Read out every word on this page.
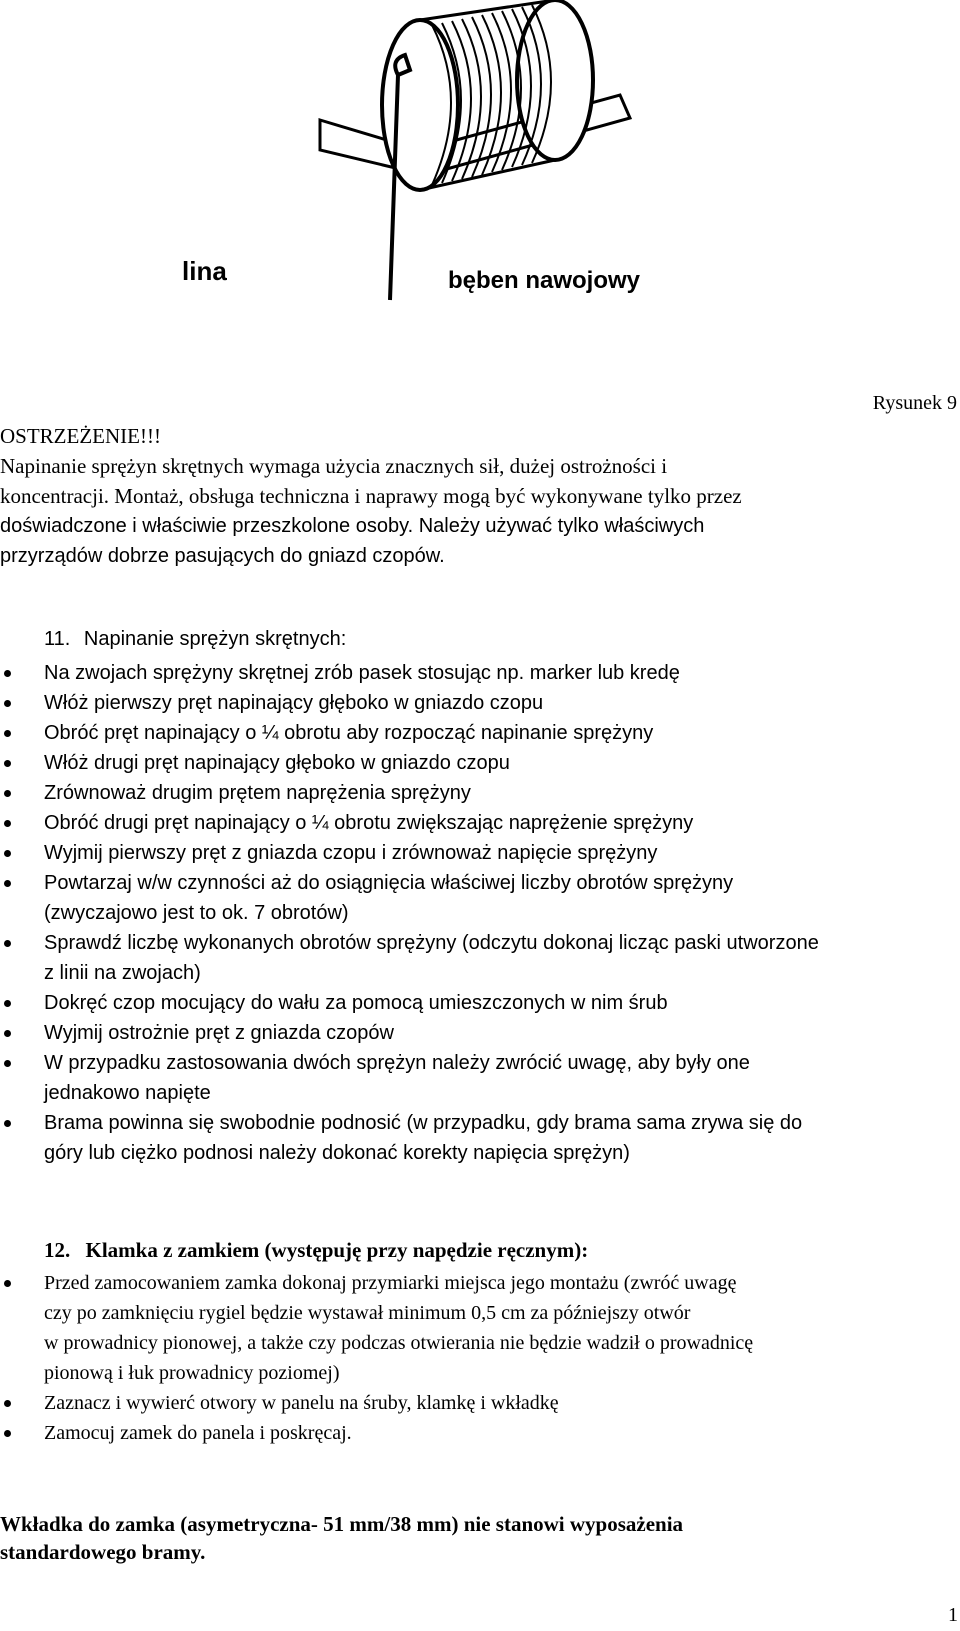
lina	bęben nawojowy
Rysunek 9
OSTRZEŻENIE!!!
Napinanie sprężyn skrętnych wymaga użycia znacznych sił, dużej ostrożności i
koncentracji. Montaż, obsługa techniczna i naprawy mogą być wykonywane tylko przez
doświadczone i właściwie przeszkolone osoby. Należy używać tylko właściwych
przyrządów dobrze pasujących do gniazd czopów.
11. Napinanie sprężyn skrętnych:
Na zwojach sprężyny skrętnej zrób pasek stosując np. marker lub kredę
Włóż pierwszy pręt napinający głęboko w gniazdo czopu
Obróć pręt napinający o ¼ obrotu aby rozpocząć napinanie sprężyny
Włóż drugi pręt napinający głęboko w gniazdo czopu
Zrównoważ drugim prętem naprężenia sprężyny
Obróć drugi pręt napinający o ¼ obrotu zwiększając naprężenie sprężyny
Wyjmij pierwszy pręt z gniazda czopu i zrównoważ napięcie sprężyny
Powtarzaj w/w czynności aż do osiągnięcia właściwej liczby obrotów sprężyny
(zwyczajowo jest to ok. 7 obrotów)
Sprawdź liczbę wykonanych obrotów sprężyny (odczytu dokonaj licząc paski utworzone
z linii na zwojach)
Dokręć czop mocujący do wału za pomocą umieszczonych w nim śrub
Wyjmij ostrożnie pręt z gniazda czopów
W przypadku zastosowania dwóch sprężyn należy zwrócić uwagę, aby były one
jednakowo napięte
Brama powinna się swobodnie podnosić (w przypadku, gdy brama sama zrywa się do
góry lub ciężko podnosi należy dokonać korekty napięcia sprężyn)
12. Klamka z zamkiem (występuję przy napędzie ręcznym):
Przed zamocowaniem zamka dokonaj przymiarki miejsca jego montażu (zwróć uwagę
czy po zamknięciu rygiel będzie wystawał minimum 0,5 cm za późniejszy otwór
w prowadnicy pionowej, a także czy podczas otwierania nie będzie wadził o prowadnicę
pionową i łuk prowadnicy poziomej)
Zaznacz i wywierć otwory w panelu na śruby, klamkę i wkładkę
Zamocuj zamek do panela i poskręcaj.
Wkładka do zamka (asymetryczna- 51 mm/38 mm) nie stanowi wyposażenia
standardowego bramy.
1
